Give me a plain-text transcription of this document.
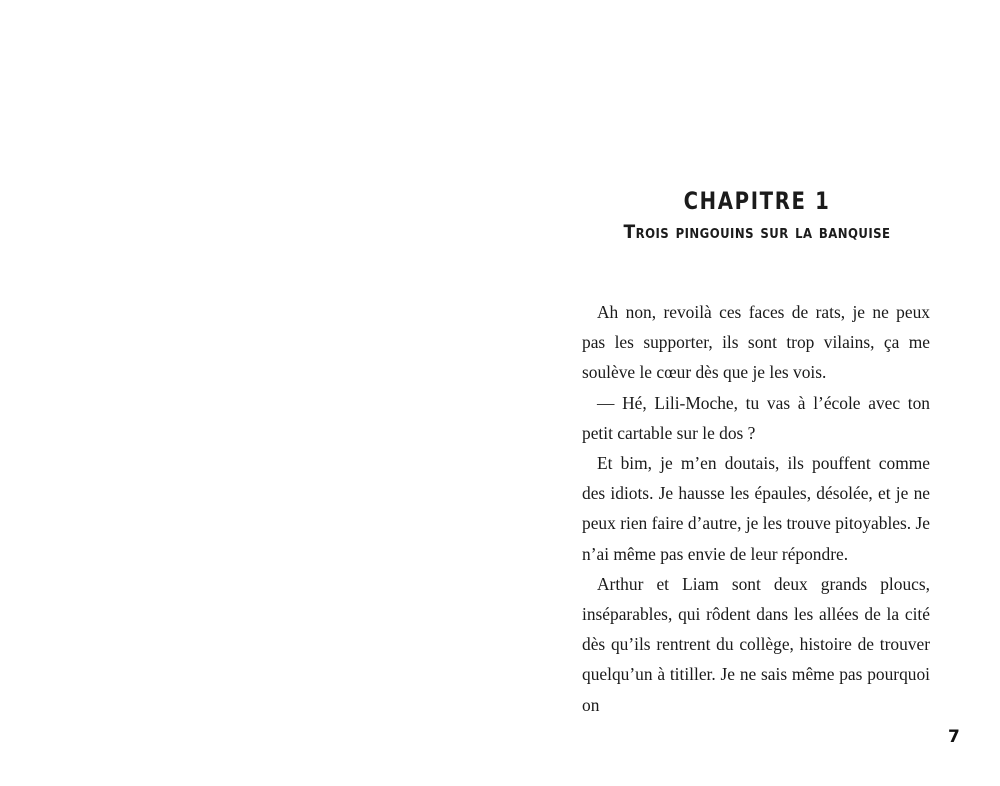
CHAPITRE 1
Trois pingouins sur la banquise

Ah non, revoilà ces faces de rats, je ne peux pas les supporter, ils sont trop vilains, ça me soulève le cœur dès que je les vois.

— Hé, Lili-Moche, tu vas à l’école avec ton petit cartable sur le dos ?

Et bim, je m’en doutais, ils pouffent comme des idiots. Je hausse les épaules, désolée, et je ne peux rien faire d’autre, je les trouve pitoyables. Je n’ai même pas envie de leur répondre.

Arthur et Liam sont deux grands ploucs, inséparables, qui rôdent dans les allées de la cité dès qu’ils rentrent du collège, histoire de trouver quelqu’un à titiller. Je ne sais même pas pourquoi on

7
